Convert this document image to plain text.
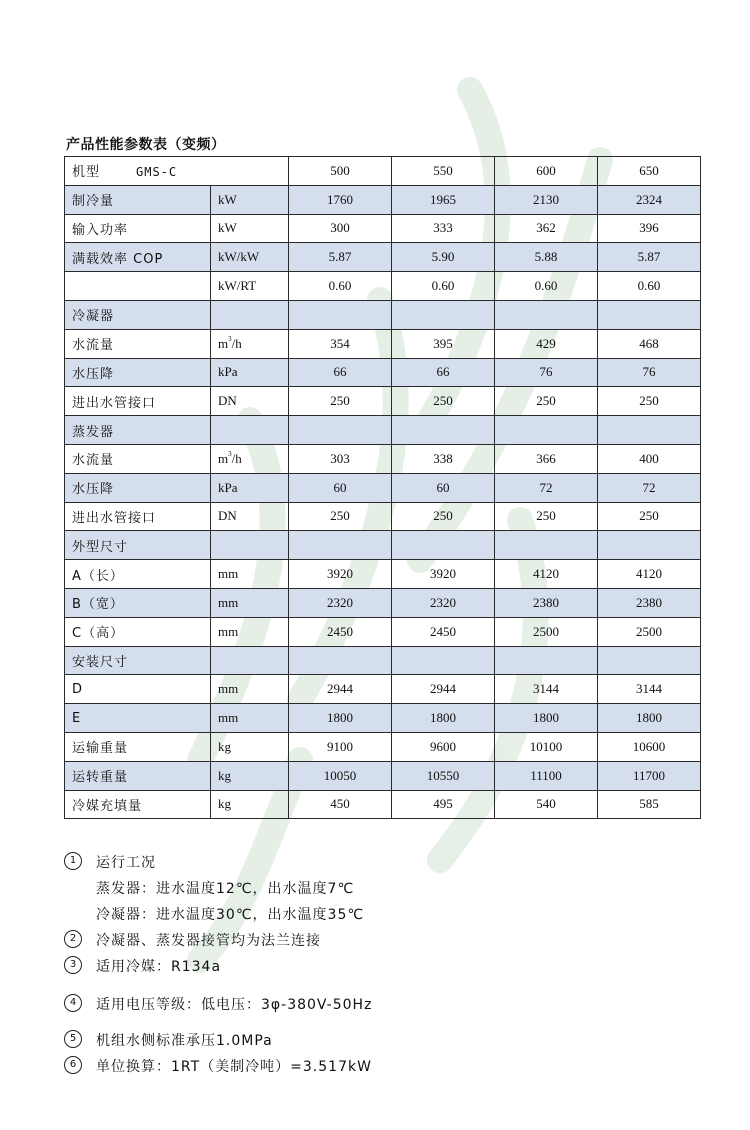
产品性能参数表（变频）
机型 GMS-C		500	550	600	650
制冷量	kW	1760	1965	2130	2324
输入功率	kW	300	333	362	396
满载效率 COP	kW/kW	5.87	5.90	5.88	5.87
	kW/RT	0.60	0.60	0.60	0.60
冷凝器					
水流量	$m^3/h$	354	395	429	468
水压降	kPa	66	66	76	76
进出水管接口	DN	250	250	250	250
蒸发器					
水流量	$m^3/h$	303	338	366	400
水压降	kPa	60	60	72	72
进出水管接口	DN	250	250	250	250
外型尺寸					
A（长）	mm	3920	3920	4120	4120
B（宽）	mm	2320	2320	2380	2380
C（高）	mm	2450	2450	2500	2500
安装尺寸					
D	mm	2944	2944	3144	3144
E	mm	1800	1800	1800	1800
运输重量	kg	9100	9600	10100	10600
运转重量	kg	10050	10550	11100	11700
冷媒充填量	kg	450	495	540	585
1 运行工况
蒸发器：进水温度12℃，出水温度7℃
冷凝器：进水温度30℃，出水温度35℃
2 冷凝器、蒸发器接管均为法兰连接
3 适用冷媒：R134a
4 适用电压等级：低电压：3φ-380V-50Hz
5 机组水侧标准承压1.0MPa
6 单位换算：1RT（美制冷吨）=3.517kW
